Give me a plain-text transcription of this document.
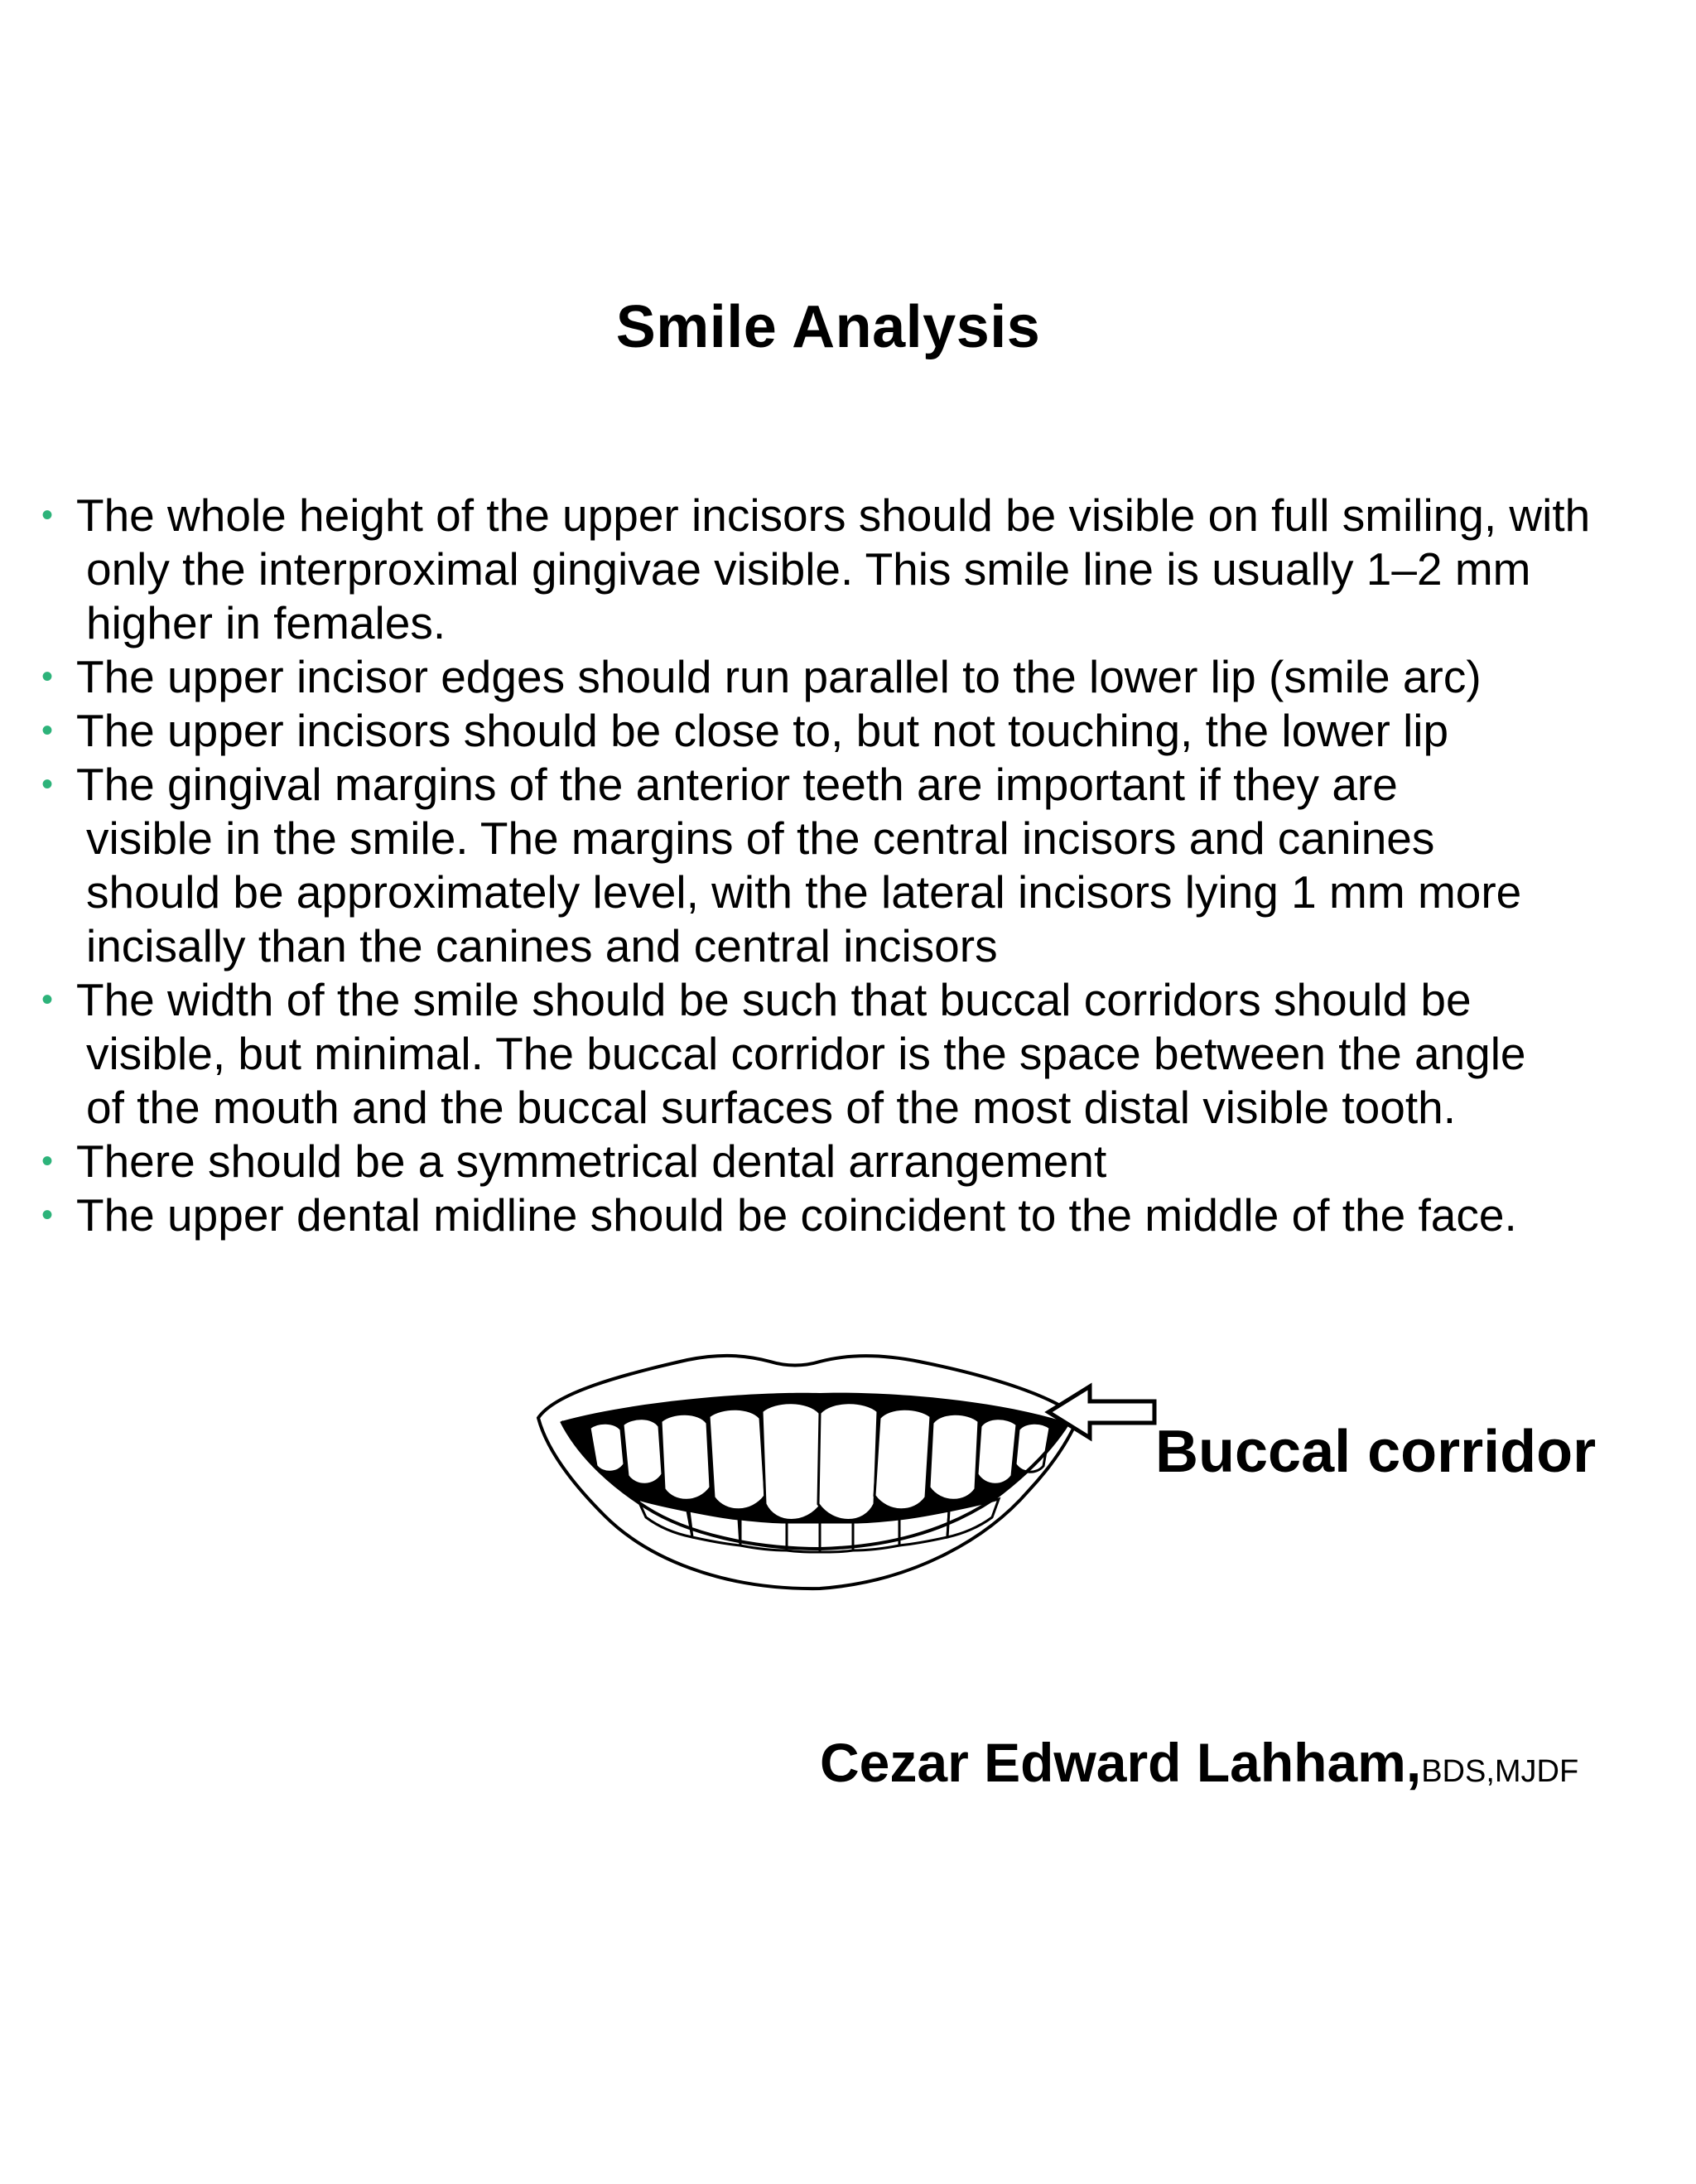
Smile Analysis
• The whole height of the upper incisors should be visible on full smiling, with
only the interproximal gingivae visible. This smile line is usually 1–2 mm
higher in females.
• The upper incisor edges should run parallel to the lower lip (smile arc)
• The upper incisors should be close to, but not touching, the lower lip
• The gingival margins of the anterior teeth are important if they are
visible in the smile. The margins of the central incisors and canines
should be approximately level, with the lateral incisors lying 1 mm more
incisally than the canines and central incisors
• The width of the smile should be such that buccal corridors should be
visible, but minimal. The buccal corridor is the space between the angle
of the mouth and the buccal surfaces of the most distal visible tooth.
• There should be a symmetrical dental arrangement
• The upper dental midline should be coincident to the middle of the face.
Buccal corridor
Cezar Edward Lahham,BDS,MJDF
